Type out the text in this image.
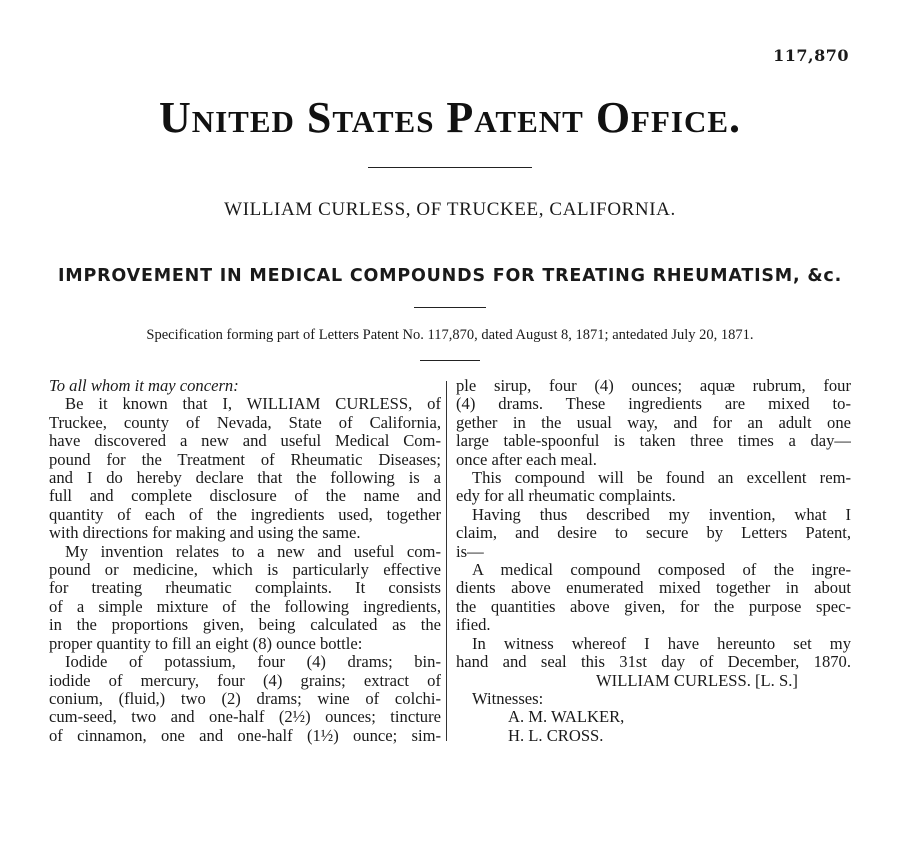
117,870
United States Patent Office.
WILLIAM CURLESS, OF TRUCKEE, CALIFORNIA.
IMPROVEMENT IN MEDICAL COMPOUNDS FOR TREATING RHEUMATISM, &c.
Specification forming part of Letters Patent No. 117,870, dated August 8, 1871; antedated July 20, 1871.
To all whom it may concern:
Be it known that I, WILLIAM CURLESS, of
Truckee, county of Nevada, State of California,
have discovered a new and useful Medical Com-
pound for the Treatment of Rheumatic Diseases;
and I do hereby declare that the following is a
full and complete disclosure of the name and
quantity of each of the ingredients used, together
with directions for making and using the same.
My invention relates to a new and useful com-
pound or medicine, which is particularly effective
for treating rheumatic complaints. It consists
of a simple mixture of the following ingredients,
in the proportions given, being calculated as the
proper quantity to fill an eight (8) ounce bottle:
Iodide of potassium, four (4) drams; bin-
iodide of mercury, four (4) grains; extract of
conium, (fluid,) two (2) drams; wine of colchi-
cum-seed, two and one-half (2½) ounces; tincture
of cinnamon, one and one-half (1½) ounce; sim-
ple sirup, four (4) ounces; aquæ rubrum, four
(4) drams. These ingredients are mixed to-
gether in the usual way, and for an adult one
large table-spoonful is taken three times a day—
once after each meal.
This compound will be found an excellent rem-
edy for all rheumatic complaints.
Having thus described my invention, what I
claim, and desire to secure by Letters Patent,
is—
A medical compound composed of the ingre-
dients above enumerated mixed together in about
the quantities above given, for the purpose spec-
ified.
In witness whereof I have hereunto set my
hand and seal this 31st day of December, 1870.
WILLIAM CURLESS. [L. S.]
Witnesses:
A. M. WALKER,
H. L. CROSS.
